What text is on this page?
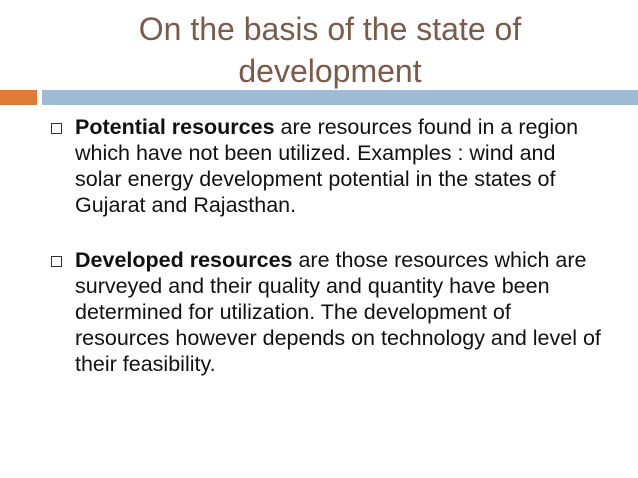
On the basis of the state of
development
Potential resources are resources found in a region which have not been utilized. Examples : wind and solar energy development potential in the states of Gujarat and Rajasthan.
Developed resources are those resources which are surveyed and their quality and quantity have been determined for utilization. The development of resources however depends on technology and level of their feasibility.
